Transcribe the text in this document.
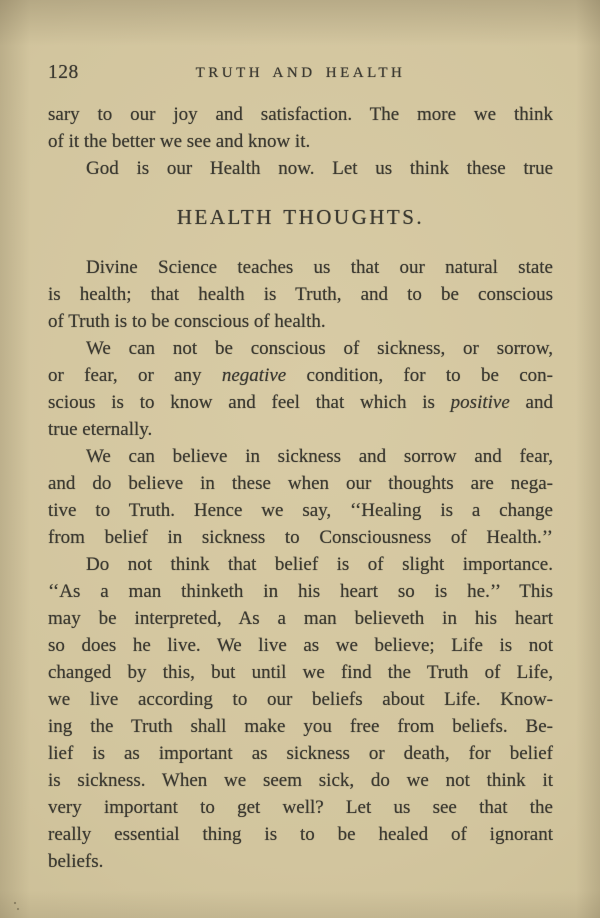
128	TRUTH AND HEALTH
sary to our joy and satisfaction. The more we think
of it the better we see and know it.
God is our Health now. Let us think these true
HEALTH THOUGHTS.
Divine Science teaches us that our natural state
is health; that health is Truth, and to be conscious
of Truth is to be conscious of health.
We can not be conscious of sickness, or sorrow,
or fear, or any negative condition, for to be con-
scious is to know and feel that which is positive and
true eternally.
We can believe in sickness and sorrow and fear,
and do believe in these when our thoughts are nega-
tive to Truth. Hence we say, ‘‘Healing is a change
from belief in sickness to Consciousness of Health.’’
Do not think that belief is of slight importance.
‘‘As a man thinketh in his heart so is he.’’ This
may be interpreted, As a man believeth in his heart
so does he live. We live as we believe; Life is not
changed by this, but until we find the Truth of Life,
we live according to our beliefs about Life. Know-
ing the Truth shall make you free from beliefs. Be-
lief is as important as sickness or death, for belief
is sickness. When we seem sick, do we not think it
very important to get well? Let us see that the
really essential thing is to be healed of ignorant
beliefs.
